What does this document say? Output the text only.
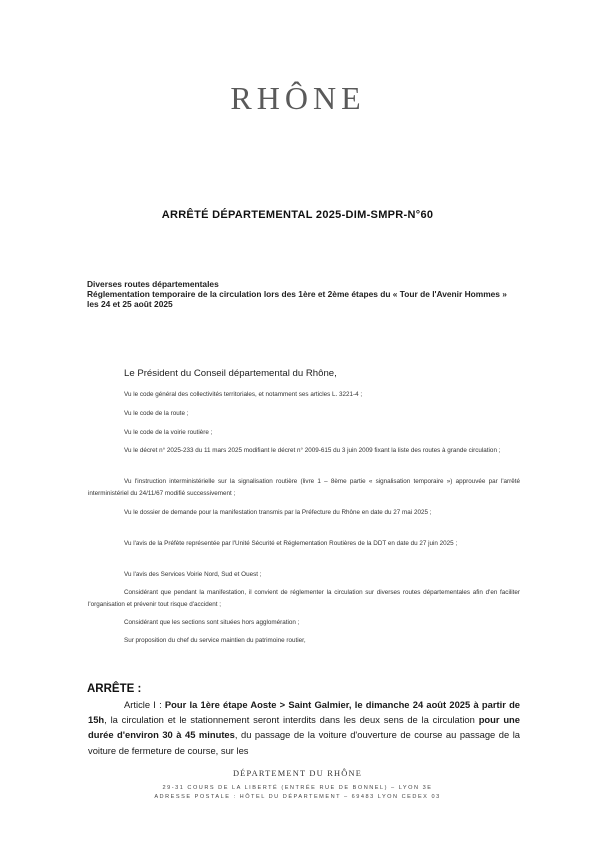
RHÔNE
ARRÊTÉ DÉPARTEMENTAL 2025-DIM-SMPR-N°60
Diverses routes départementales
Réglementation temporaire de la circulation lors des 1ère et 2ème étapes du « Tour de l'Avenir Hommes » les 24 et 25 août 2025
Le Président du Conseil départemental du Rhône,
Vu le code général des collectivités territoriales, et notamment ses articles L. 3221-4 ;
Vu le code de la route ;
Vu le code de la voirie routière ;
Vu le décret n° 2025-233 du 11 mars 2025 modifiant le décret n° 2009-615 du 3 juin 2009 fixant la liste des routes à grande circulation ;
Vu l'instruction interministérielle sur la signalisation routière (livre 1 – 8ème partie « signalisation temporaire ») approuvée par l'arrêté interministériel du 24/11/67 modifié successivement ;
Vu le dossier de demande pour la manifestation transmis par la Préfecture du Rhône en date du 27 mai 2025 ;
Vu l'avis de la Préfète représentée par l'Unité Sécurité et Réglementation Routières de la DDT en date du 27 juin 2025 ;
Vu l'avis des Services Voirie Nord, Sud et Ouest ;
Considérant que pendant la manifestation, il convient de réglementer la circulation sur diverses routes départementales afin d'en faciliter l'organisation et prévenir tout risque d'accident ;
Considérant que les sections sont situées hors agglomération ;
Sur proposition du chef du service maintien du patrimoine routier,
ARRÊTE :
Article I : Pour la 1ère étape Aoste > Saint Galmier, le dimanche 24 août 2025 à partir de 15h, la circulation et le stationnement seront interdits dans les deux sens de la circulation pour une durée d'environ 30 à 45 minutes, du passage de la voiture d'ouverture de course au passage de la voiture de fermeture de course, sur les
DÉPARTEMENT DU RHÔNE
29-31 COURS DE LA LIBERTÉ (ENTRÉE RUE DE BONNEL) – LYON 3E
ADRESSE POSTALE : HÔTEL DU DÉPARTEMENT – 69483 LYON CEDEX 03
